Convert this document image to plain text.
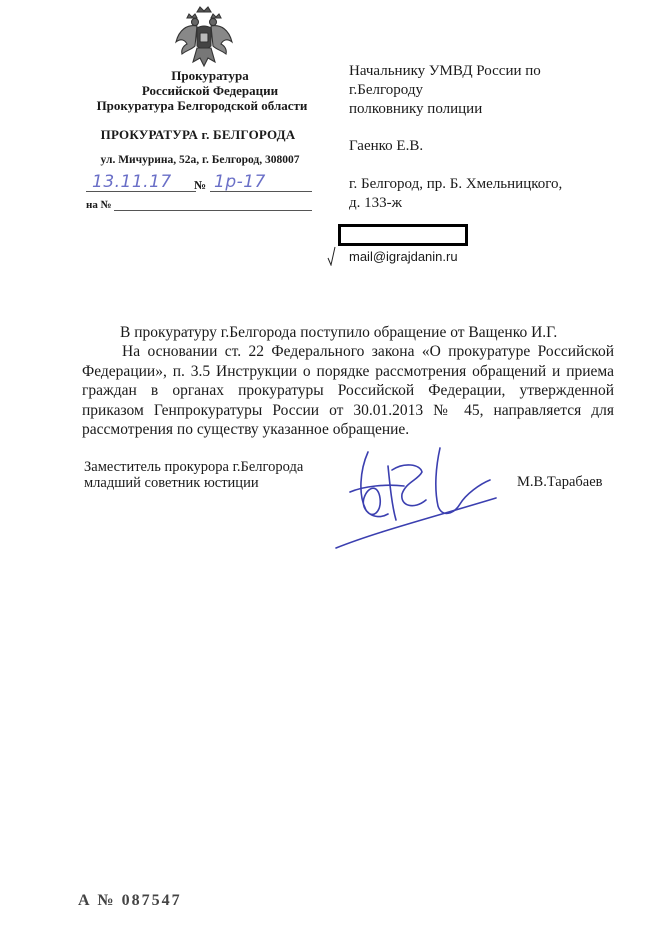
Прокуратура
Российской Федерации
Прокуратура Белгородской области
ПРОКУРАТУРА г. БЕЛГОРОДА
ул. Мичурина, 52а, г. Белгород, 308007
13.11.17 № 1р-17
на №
Начальнику УМВД России по
г.Белгороду
полковнику полиции
Гаенко Е.В.
г. Белгород, пр. Б. Хмельницкого,
д. 133-ж
mail@igrajdanin.ru
В прокуратуру г.Белгорода поступило обращение от Ващенко И.Г.
На основании ст. 22 Федерального закона «О прокуратуре Российской Федерации», п. 3.5 Инструкции о порядке рассмотрения обращений и приема граждан в органах прокуратуры Российской Федерации, утвержденной приказом Генпрокуратуры России от 30.01.2013 № 45, направляется для рассмотрения по существу указанное обращение.
Заместитель прокурора г.Белгорода
младший советник юстиции	М.В.Тарабаев
А № 087547
